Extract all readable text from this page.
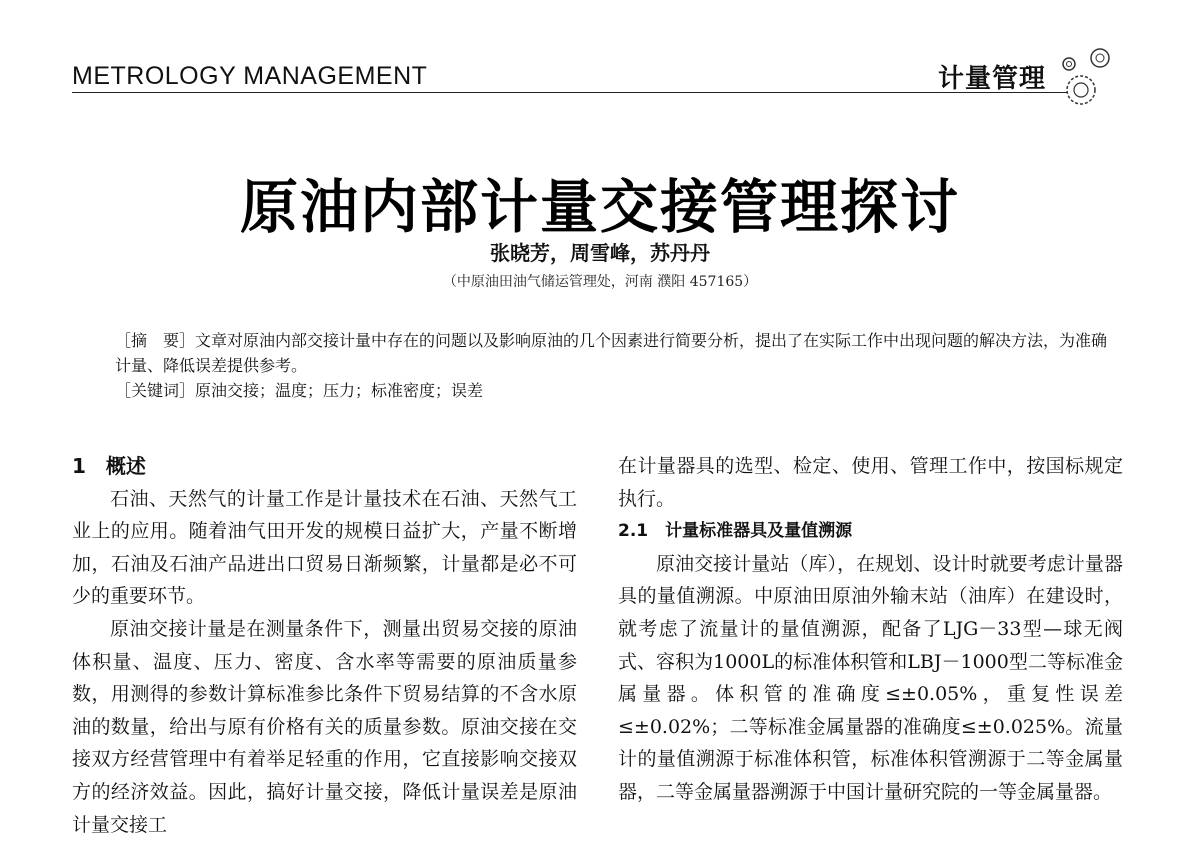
METROLOGY MANAGEMENT	计量管理
原油内部计量交接管理探讨
张晓芳，周雪峰，苏丹丹
（中原油田油气储运管理处，河南 濮阳 457165）

［摘　要］文章对原油内部交接计量中存在的问题以及影响原油的几个因素进行简要分析，提出了在实际工作中出现问题的解决方法，为准确计量、降低误差提供参考。

［关键词］原油交接；温度；压力；标准密度；误差

1　概述

石油、天然气的计量工作是计量技术在石油、天然气工业上的应用。随着油气田开发的规模日益扩大，产量不断增加，石油及石油产品进出口贸易日渐频繁，计量都是必不可少的重要环节。

原油交接计量是在测量条件下，测量出贸易交接的原油体积量、温度、压力、密度、含水率等需要的原油质量参数，用测得的参数计算标准参比条件下贸易结算的不含水原油的数量，给出与原有价格有关的质量参数。原油交接在交接双方经营管理中有着举足轻重的作用，它直接影响交接双方的经济效益。因此，搞好计量交接，降低计量误差是原油计量交接工

在计量器具的选型、检定、使用、管理工作中，按国标规定执行。

2.1　计量标准器具及量值溯源

原油交接计量站（库），在规划、设计时就要考虑计量器具的量值溯源。中原油田原油外输末站（油库）在建设时，就考虑了流量计的量值溯源，配备了LJG－33型—球无阀式、容积为1000L的标准体积管和LBJ－1000型二等标准金属量器。体积管的准确度≤±0.05%，重复性误差≤±0.02%；二等标准金属量器的准确度≤±0.025%。流量计的量值溯源于标准体积管，标准体积管溯源于二等金属量器，二等金属量器溯源于中国计量研究院的一等金属量器。
